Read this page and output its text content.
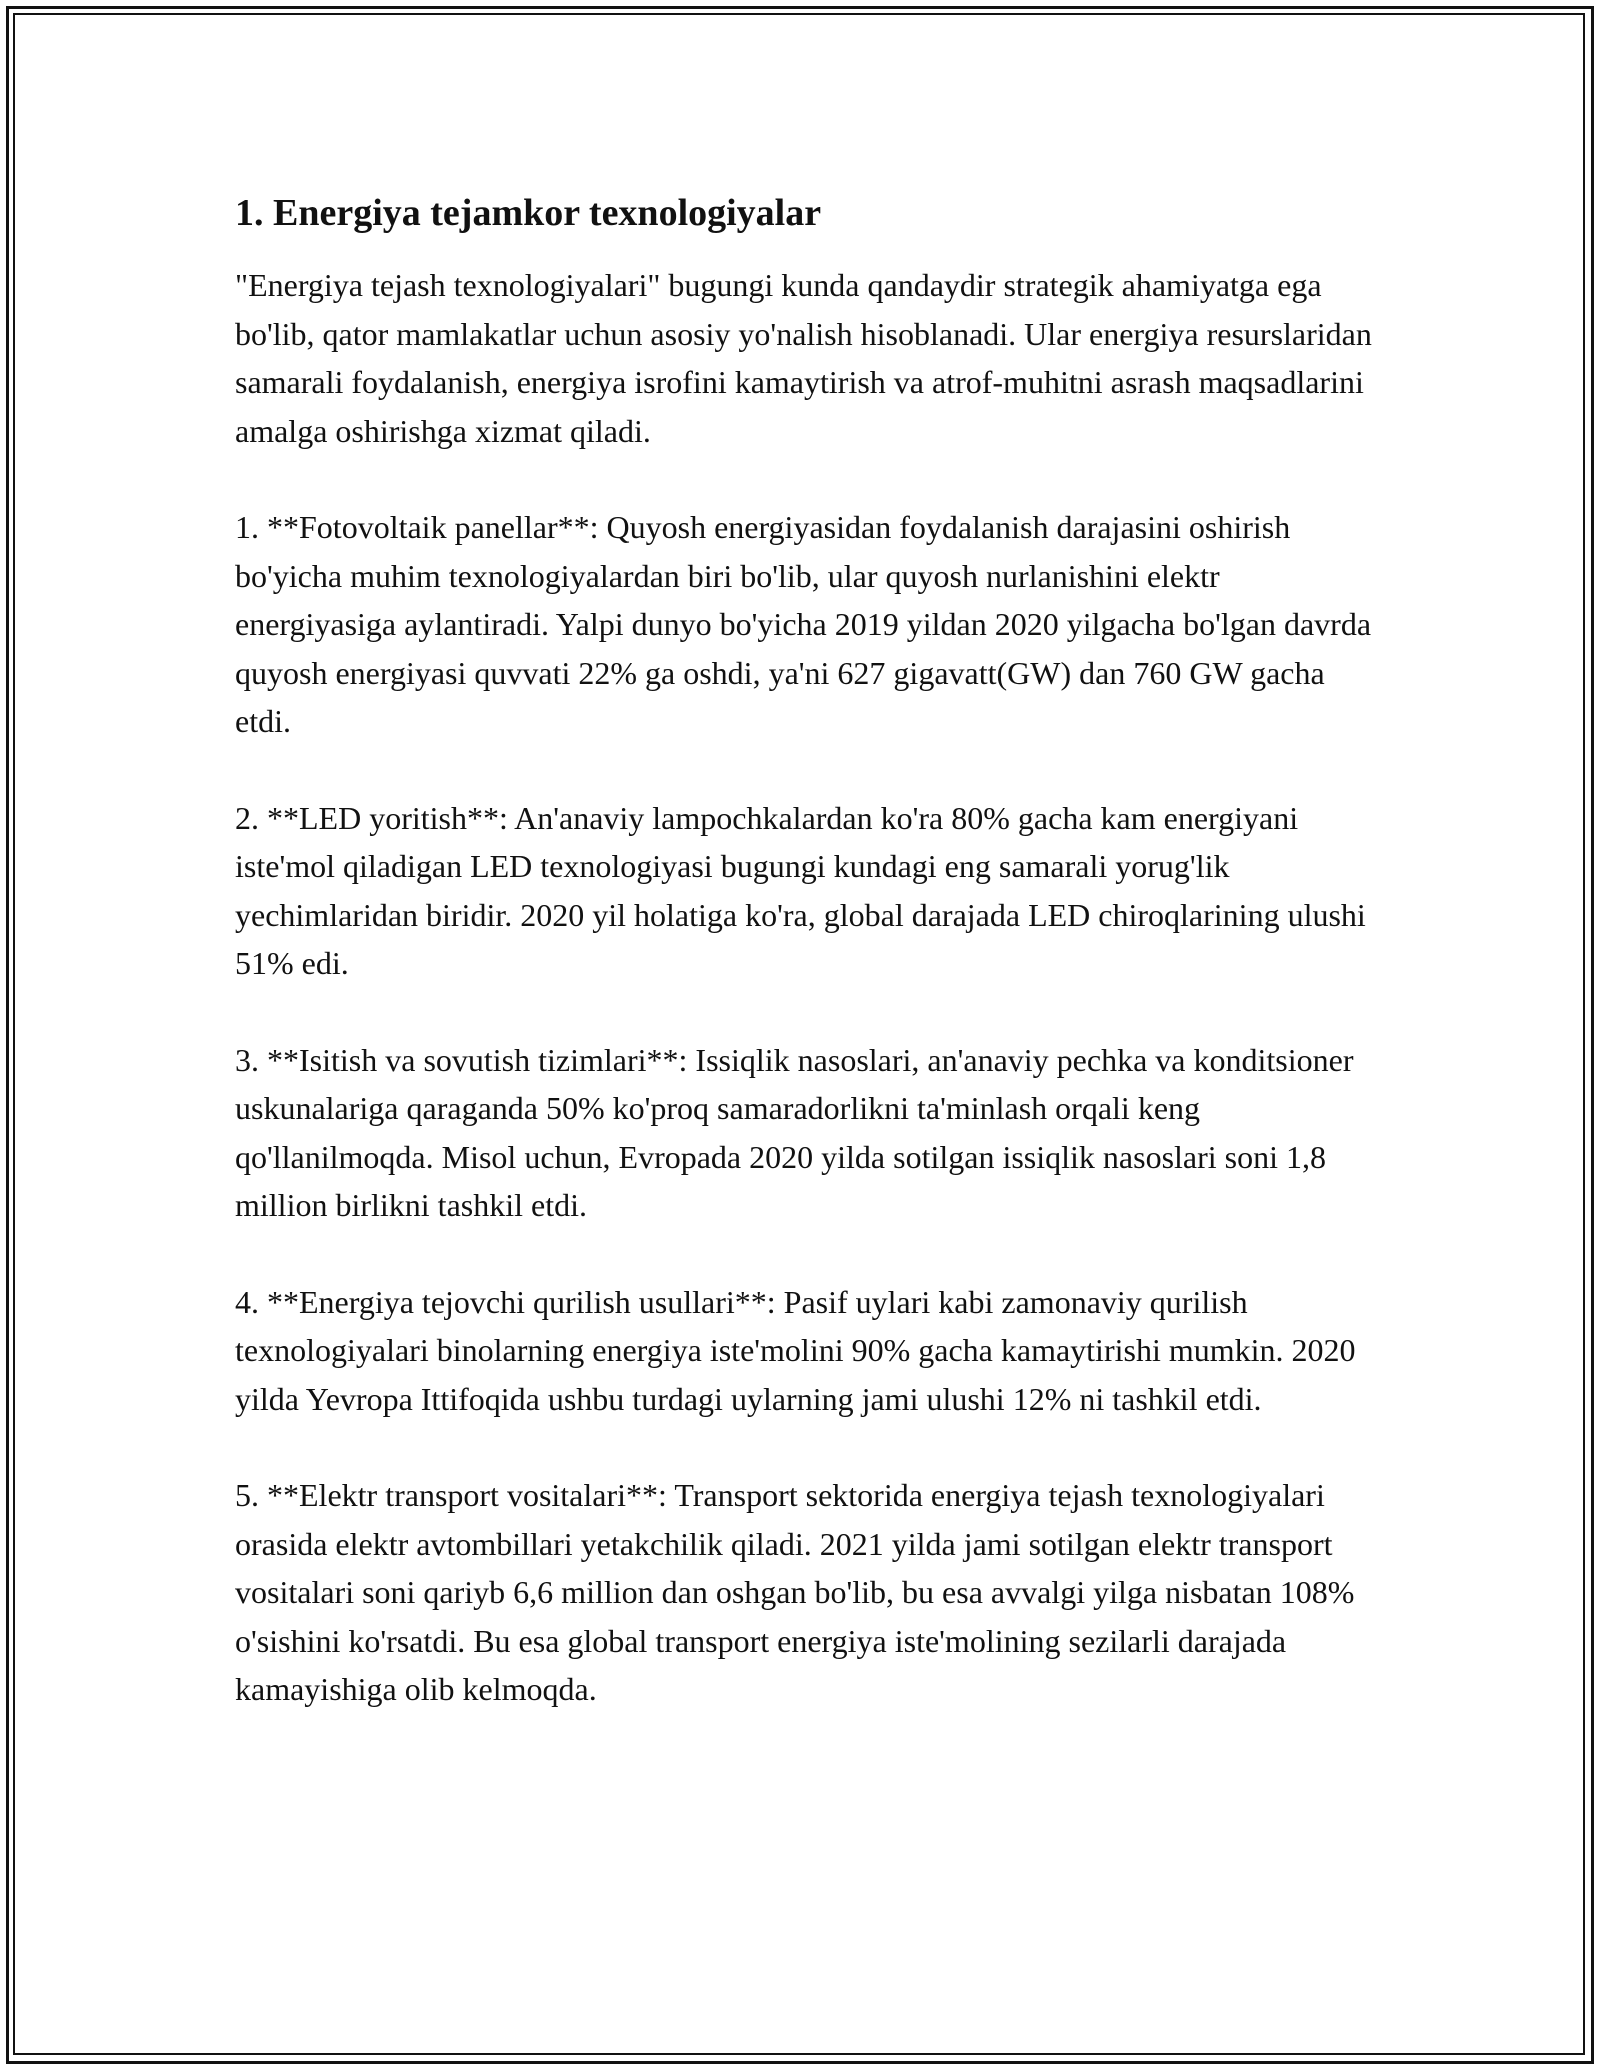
1. Energiya tejamkor texnologiyalar

"Energiya tejash texnologiyalari" bugungi kunda qandaydir strategik ahamiyatga ega bo'lib, qator mamlakatlar uchun asosiy yo'nalish hisoblanadi. Ular energiya resurslaridan samarali foydalanish, energiya isrofini kamaytirish va atrof-muhitni asrash maqsadlarini amalga oshirishga xizmat qiladi.

1. **Fotovoltaik panellar**: Quyosh energiyasidan foydalanish darajasini oshirish bo'yicha muhim texnologiyalardan biri bo'lib, ular quyosh nurlanishini elektr energiyasiga aylantiradi. Yalpi dunyo bo'yicha 2019 yildan 2020 yilgacha bo'lgan davrda quyosh energiyasi quvvati 22% ga oshdi, ya'ni 627 gigavatt(GW) dan 760 GW gacha etdi.

2. **LED yoritish**: An'anaviy lampochkalardan ko'ra 80% gacha kam energiyani iste'mol qiladigan LED texnologiyasi bugungi kundagi eng samarali yorug'lik yechimlaridan biridir. 2020 yil holatiga ko'ra, global darajada LED chiroqlarining ulushi 51% edi.

3. **Isitish va sovutish tizimlari**: Issiqlik nasoslari, an'anaviy pechka va konditsioner uskunalariga qaraganda 50% ko'proq samaradorlikni ta'minlash orqali keng qo'llanilmoqda. Misol uchun, Evropada 2020 yilda sotilgan issiqlik nasoslari soni 1,8 million birlikni tashkil etdi.

4. **Energiya tejovchi qurilish usullari**: Pasif uylari kabi zamonaviy qurilish texnologiyalari binolarning energiya iste'molini 90% gacha kamaytirishi mumkin. 2020 yilda Yevropa Ittifoqida ushbu turdagi uylarning jami ulushi 12% ni tashkil etdi.

5. **Elektr transport vositalari**: Transport sektorida energiya tejash texnologiyalari orasida elektr avtombillari yetakchilik qiladi. 2021 yilda jami sotilgan elektr transport vositalari soni qariyb 6,6 million dan oshgan bo'lib, bu esa avvalgi yilga nisbatan 108% o'sishini ko'rsatdi. Bu esa global transport energiya iste'molining sezilarli darajada kamayishiga olib kelmoqda.
